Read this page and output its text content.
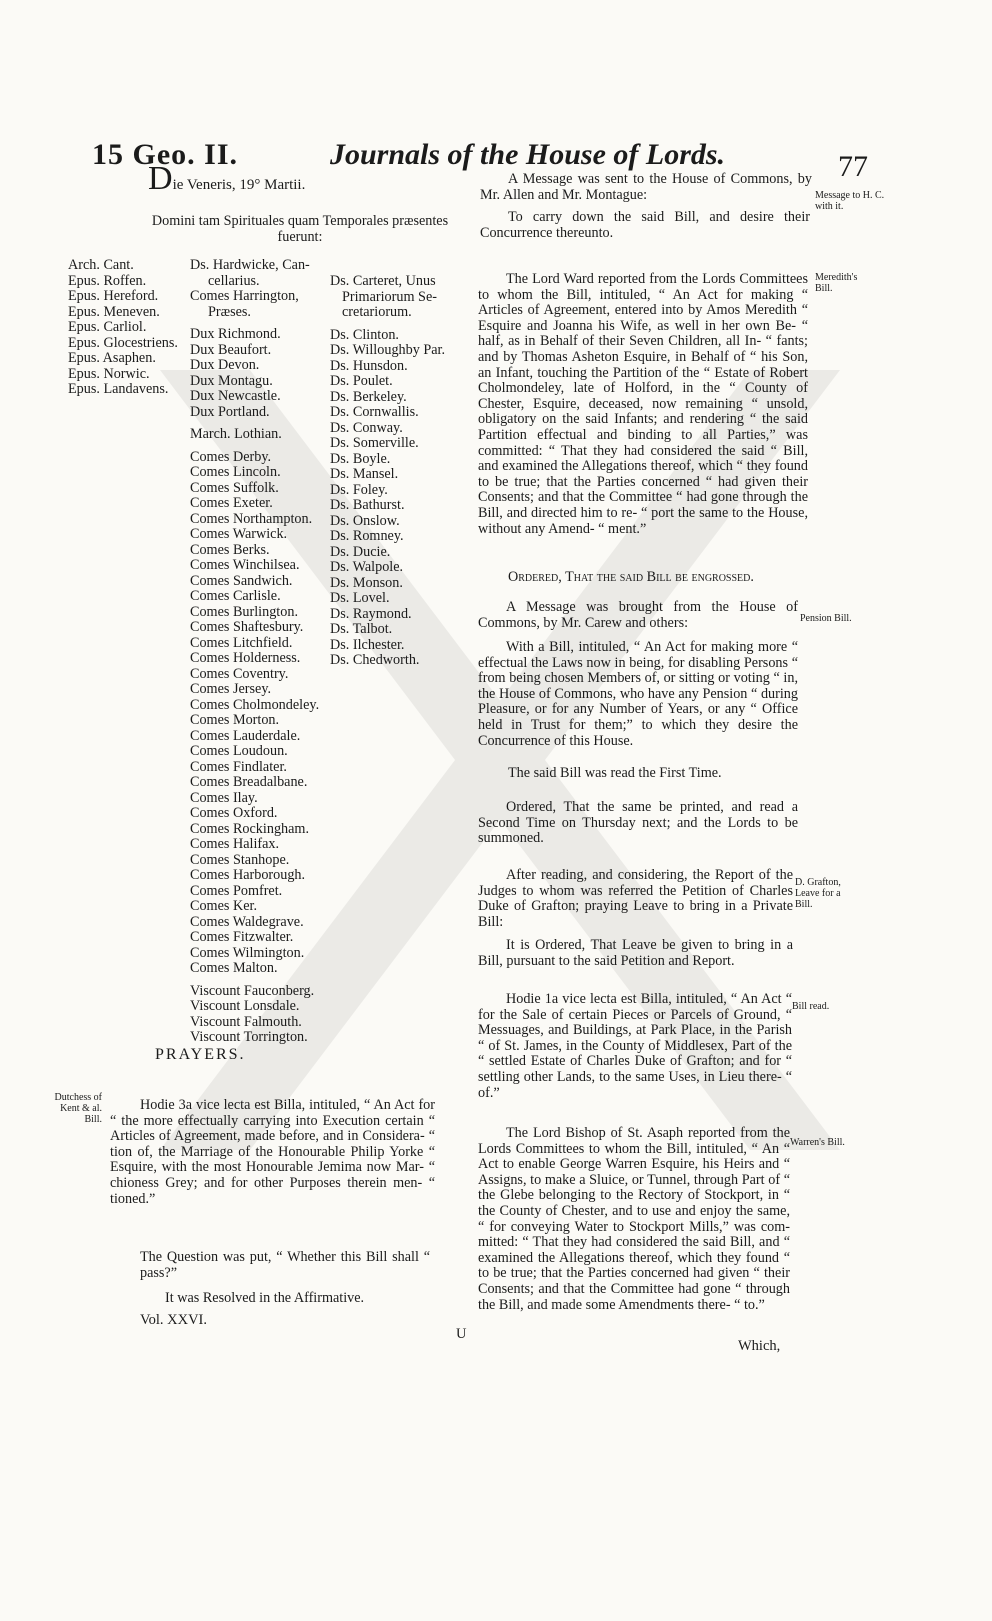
15 Geo. II.	Journals of the House of Lords.	77
Die Veneris, 19° Martii.
Domini tam Spirituales quam Temporales præsentes fuerunt:
Arch. Cant.
Epus. Roffen.
Epus. Hereford.
Epus. Meneven.
Epus. Carliol.
Epus. Glocestriens.
Epus. Asaphen.
Epus. Norwic.
Epus. Landavens.
Ds. Hardwicke, Can-
cellarius.
Comes Harrington,
Præses.
Dux Richmond.
Dux Beaufort.
Dux Devon.
Dux Montagu.
Dux Newcastle.
Dux Portland.
March. Lothian.
Comes Derby.
Comes Lincoln.
Comes Suffolk.
Comes Exeter.
Comes Northampton.
Comes Warwick.
Comes Berks.
Comes Winchilsea.
Comes Sandwich.
Comes Carlisle.
Comes Burlington.
Comes Shaftesbury.
Comes Litchfield.
Comes Holderness.
Comes Coventry.
Comes Jersey.
Comes Cholmondeley.
Comes Morton.
Comes Lauderdale.
Comes Loudoun.
Comes Findlater.
Comes Breadalbane.
Comes Ilay.
Comes Oxford.
Comes Rockingham.
Comes Halifax.
Comes Stanhope.
Comes Harborough.
Comes Pomfret.
Comes Ker.
Comes Waldegrave.
Comes Fitzwalter.
Comes Wilmington.
Comes Malton.
Viscount Fauconberg.
Viscount Lonsdale.
Viscount Falmouth.
Viscount Torrington.
Ds. Carteret, Unus
Primariorum Se-
cretariorum.
Ds. Clinton.
Ds. Willoughby Par.
Ds. Hunsdon.
Ds. Poulet.
Ds. Berkeley.
Ds. Cornwallis.
Ds. Conway.
Ds. Somerville.
Ds. Boyle.
Ds. Mansel.
Ds. Foley.
Ds. Bathurst.
Ds. Onslow.
Ds. Romney.
Ds. Ducie.
Ds. Walpole.
Ds. Monson.
Ds. Lovel.
Ds. Raymond.
Ds. Talbot.
Ds. Ilchester.
Ds. Chedworth.
PRAYERS.
Dutchess of Kent & al. Bill.
Hodie 3a vice lecta est Billa, intituled, “ An Act for “ the more effectually carrying into Execution certain “ Articles of Agreement, made before, and in Considera- “ tion of, the Marriage of the Honourable Philip Yorke “ Esquire, with the most Honourable Jemima now Mar- “ chioness Grey; and for other Purposes therein men- “ tioned.”
The Question was put, “ Whether this Bill shall “ pass?”
It was Resolved in the Affirmative.
Vol. XXVI.
Message to H. C. with it.
Meredith's Bill.
Pension Bill.
D. Grafton, Leave for a Bill.
Bill read.
Warren's Bill.
A Message was sent to the House of Commons, by Mr. Allen and Mr. Montague:
To carry down the said Bill, and desire their Concurrence thereunto.
The Lord Ward reported from the Lords Committees to whom the Bill, intituled, “ An Act for making “ Articles of Agreement, entered into by Amos Meredith “ Esquire and Joanna his Wife, as well in her own Be- “ half, as in Behalf of their Seven Children, all In- “ fants; and by Thomas Asheton Esquire, in Behalf of “ his Son, an Infant, touching the Partition of the “ Estate of Robert Cholmondeley, late of Holford, in the “ County of Chester, Esquire, deceased, now remaining “ unsold, obligatory on the said Infants; and rendering “ the said Partition effectual and binding to all Parties,” was committed: “ That they had considered the said “ Bill, and examined the Allegations thereof, which “ they found to be true; that the Parties concerned “ had given their Consents; and that the Committee “ had gone through the Bill, and directed him to re- “ port the same to the House, without any Amend- “ ment.”
Ordered, That the said Bill be engrossed.
A Message was brought from the House of Commons, by Mr. Carew and others:
With a Bill, intituled, “ An Act for making more “ effectual the Laws now in being, for disabling Persons “ from being chosen Members of, or sitting or voting “ in, the House of Commons, who have any Pension “ during Pleasure, or for any Number of Years, or any “ Office held in Trust for them;” to which they desire the Concurrence of this House.
The said Bill was read the First Time.
Ordered, That the same be printed, and read a Second Time on Thursday next; and the Lords to be summoned.
After reading, and considering, the Report of the Judges to whom was referred the Petition of Charles Duke of Grafton; praying Leave to bring in a Private Bill:
It is Ordered, That Leave be given to bring in a Bill, pursuant to the said Petition and Report.
Hodie 1a vice lecta est Billa, intituled, “ An Act “ for the Sale of certain Pieces or Parcels of Ground, “ Messuages, and Buildings, at Park Place, in the Parish “ of St. James, in the County of Middlesex, Part of the “ settled Estate of Charles Duke of Grafton; and for “ settling other Lands, to the same Uses, in Lieu there- “ of.”
The Lord Bishop of St. Asaph reported from the Lords Committees to whom the Bill, intituled, “ An “ Act to enable George Warren Esquire, his Heirs and “ Assigns, to make a Sluice, or Tunnel, through Part of “ the Glebe belonging to the Rectory of Stockport, in “ the County of Chester, and to use and enjoy the same, “ for conveying Water to Stockport Mills,” was com- mitted: “ That they had considered the said Bill, and “ examined the Allegations thereof, which they found “ to be true; that the Parties concerned had given “ their Consents; and that the Committee had gone “ through the Bill, and made some Amendments there- “ to.”
U
Which,
